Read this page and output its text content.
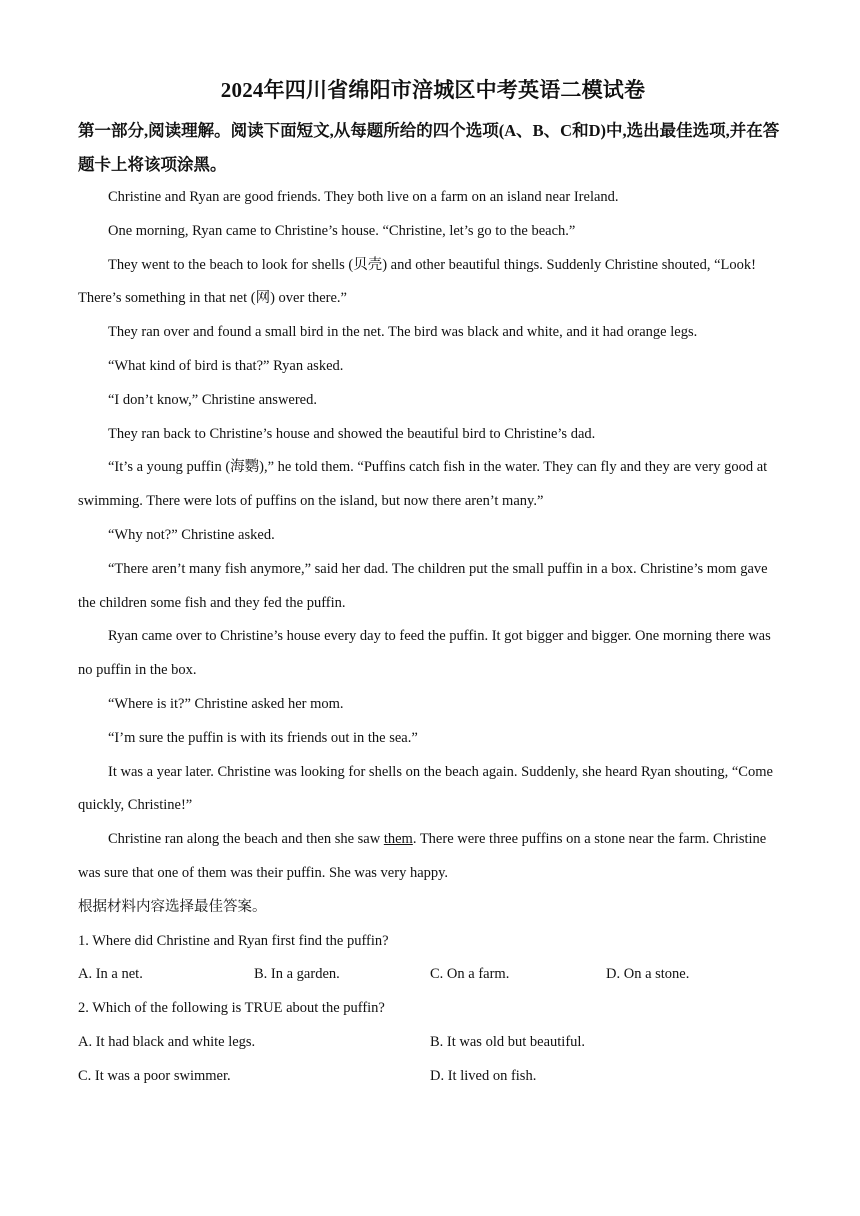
2024年四川省绵阳市涪城区中考英语二模试卷
第一部分,阅读理解。阅读下面短文,从每题所给的四个选项(A、B、C和D)中,选出最佳选项,并在答题卡上将该项涂黑。

Christine and Ryan are good friends. They both live on a farm on an island near Ireland.

One morning, Ryan came to Christine’s house. “Christine, let’s go to the beach.”

They went to the beach to look for shells (贝壳) and other beautiful things. Suddenly Christine shouted, “Look! There’s something in that net (网) over there.”

They ran over and found a small bird in the net. The bird was black and white, and it had orange legs.

“What kind of bird is that?” Ryan asked.

“I don’t know,” Christine answered.

They ran back to Christine’s house and showed the beautiful bird to Christine’s dad.

“It’s a young puffin (海鹦),” he told them. “Puffins catch fish in the water. They can fly and they are very good at swimming. There were lots of puffins on the island, but now there aren’t many.”

“Why not?” Christine asked.

“There aren’t many fish anymore,” said her dad. The children put the small puffin in a box. Christine’s mom gave the children some fish and they fed the puffin.

Ryan came over to Christine’s house every day to feed the puffin. It got bigger and bigger. One morning there was no puffin in the box.

“Where is it?” Christine asked her mom.

“I’m sure the puffin is with its friends out in the sea.”

It was a year later. Christine was looking for shells on the beach again. Suddenly, she heard Ryan shouting, “Come quickly, Christine!”

Christine ran along the beach and then she saw them. There were three puffins on a stone near the farm. Christine was sure that one of them was their puffin. She was very happy.

根据材料内容选择最佳答案。

1. Where did Christine and Ryan first find the puffin?

A. In a net.	B. In a garden.	C. On a farm.	D. On a stone.

2. Which of the following is TRUE about the puffin?

A. It had black and white legs.	B. It was old but beautiful.
C. It was a poor swimmer.	D. It lived on fish.
